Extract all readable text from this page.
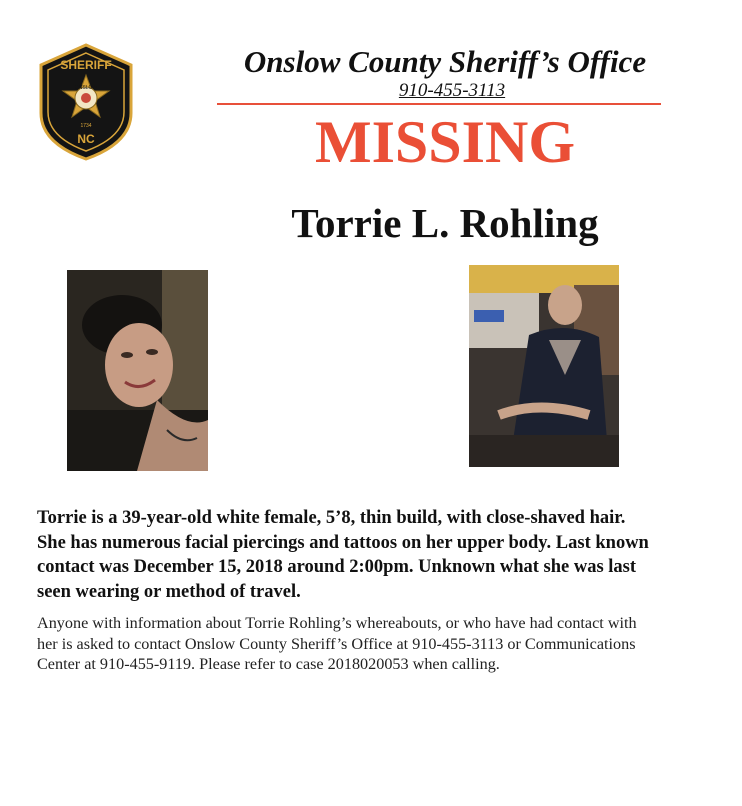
SHERIFF
ONSLOW
1734
NC
Onslow County Sheriff’s Office
910-455-3113
MISSING
Torrie L. Rohling
Torrie is a 39-year-old white female, 5’8, thin build, with close-shaved hair.
She has numerous facial piercings and tattoos on her upper body. Last known
contact was December 15, 2018 around 2:00pm. Unknown what she was last
seen wearing or method of travel.
Anyone with information about Torrie Rohling’s whereabouts, or who have had contact with
her is asked to contact Onslow County Sheriff’s Office at 910-455-3113 or Communications
Center at 910-455-9119. Please refer to case 2018020053 when calling.
